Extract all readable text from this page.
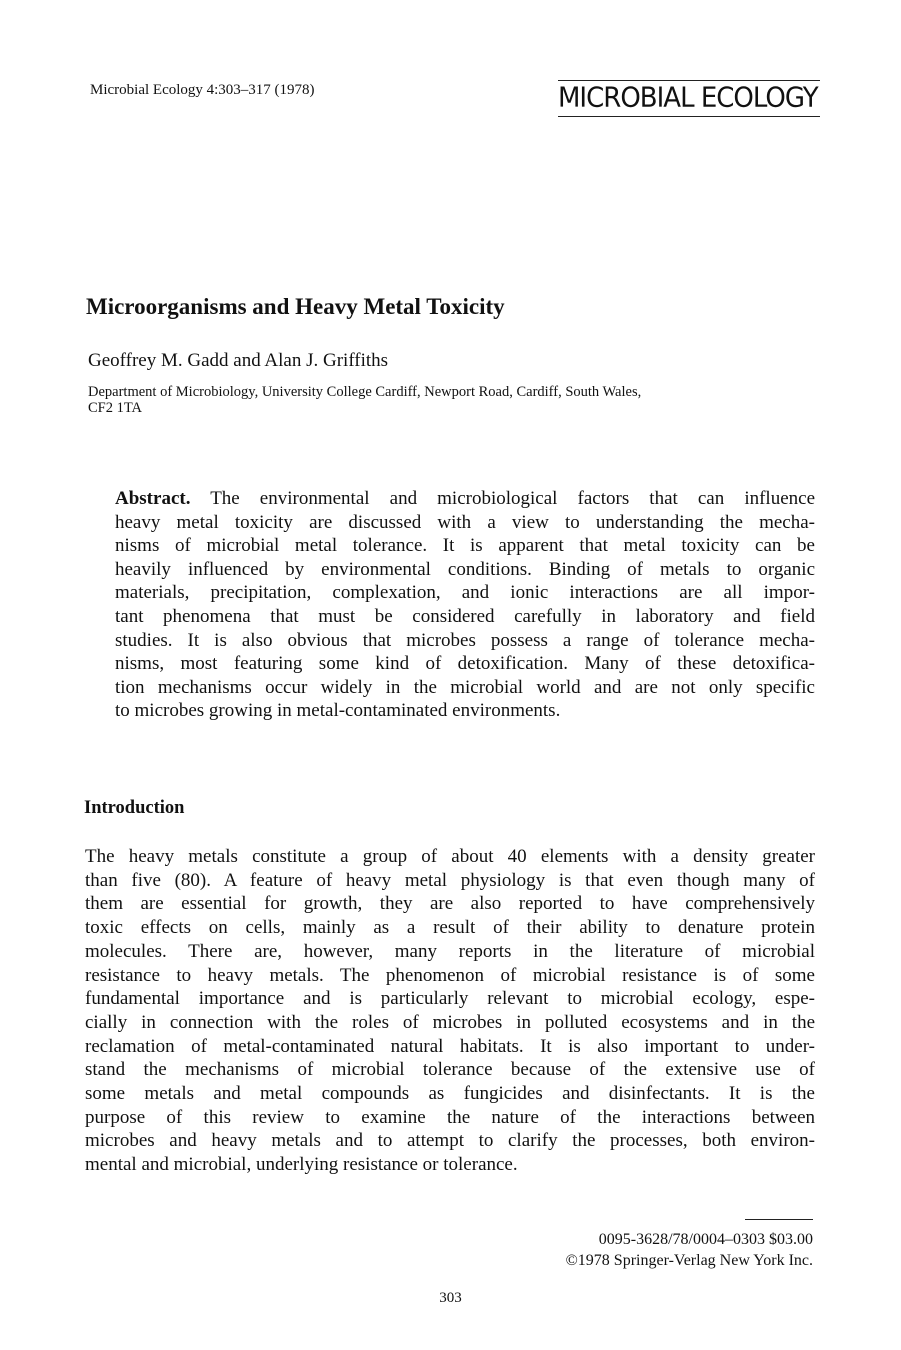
Microbial Ecology 4:303–317 (1978)	MICROBIAL ECOLOGY
Microorganisms and Heavy Metal Toxicity
Geoffrey M. Gadd and Alan J. Griffiths
Department of Microbiology, University College Cardiff, Newport Road, Cardiff, South Wales,
CF2 1TA
Abstract. The environmental and microbiological factors that can influence
heavy metal toxicity are discussed with a view to understanding the mecha-
nisms of microbial metal tolerance. It is apparent that metal toxicity can be
heavily influenced by environmental conditions. Binding of metals to organic
materials, precipitation, complexation, and ionic interactions are all impor-
tant phenomena that must be considered carefully in laboratory and field
studies. It is also obvious that microbes possess a range of tolerance mecha-
nisms, most featuring some kind of detoxification. Many of these detoxifica-
tion mechanisms occur widely in the microbial world and are not only specific
to microbes growing in metal-contaminated environments.
Introduction
The heavy metals constitute a group of about 40 elements with a density greater
than five (80). A feature of heavy metal physiology is that even though many of
them are essential for growth, they are also reported to have comprehensively
toxic effects on cells, mainly as a result of their ability to denature protein
molecules. There are, however, many reports in the literature of microbial
resistance to heavy metals. The phenomenon of microbial resistance is of some
fundamental importance and is particularly relevant to microbial ecology, espe-
cially in connection with the roles of microbes in polluted ecosystems and in the
reclamation of metal-contaminated natural habitats. It is also important to under-
stand the mechanisms of microbial tolerance because of the extensive use of
some metals and metal compounds as fungicides and disinfectants. It is the
purpose of this review to examine the nature of the interactions between
microbes and heavy metals and to attempt to clarify the processes, both environ-
mental and microbial, underlying resistance or tolerance.
0095-3628/78/0004–0303 $03.00
©1978 Springer-Verlag New York Inc.
303
